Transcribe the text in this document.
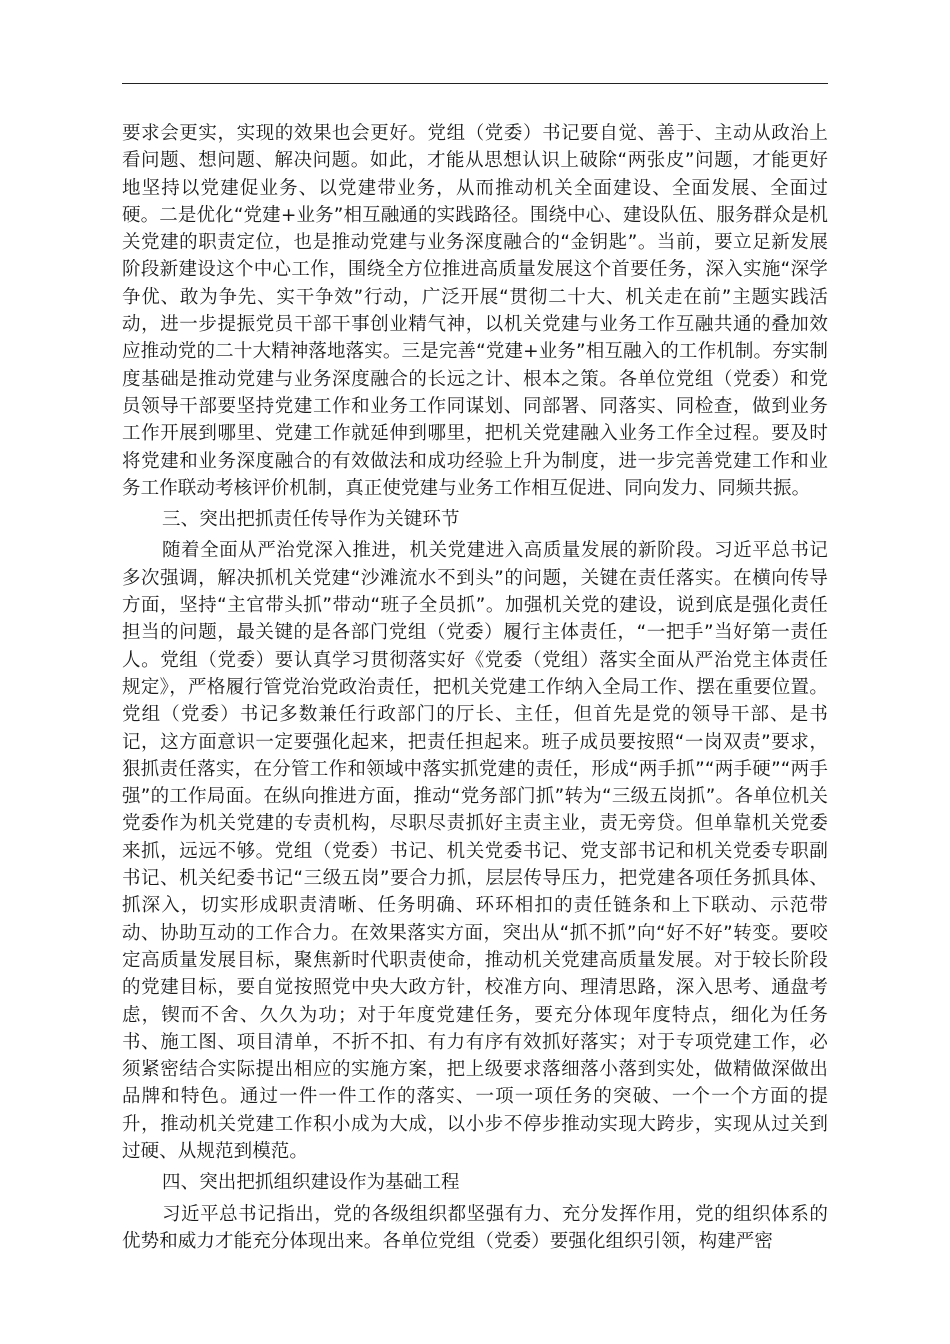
要求会更实，实现的效果也会更好。党组（党委）书记要自觉、善于、主动从政治上看问题、想问题、解决问题。如此，才能从思想认识上破除“两张皮”问题，才能更好地坚持以党建促业务、以党建带业务，从而推动机关全面建设、全面发展、全面过硬。二是优化“党建+业务”相互融通的实践路径。围绕中心、建设队伍、服务群众是机关党建的职责定位，也是推动党建与业务深度融合的“金钥匙”。当前，要立足新发展阶段新建设这个中心工作，围绕全方位推进高质量发展这个首要任务，深入实施“深学争优、敢为争先、实干争效”行动，广泛开展“贯彻二十大、机关走在前”主题实践活动，进一步提振党员干部干事创业精气神，以机关党建与业务工作互融共通的叠加效应推动党的二十大精神落地落实。三是完善“党建+业务”相互融入的工作机制。夯实制度基础是推动党建与业务深度融合的长远之计、根本之策。各单位党组（党委）和党员领导干部要坚持党建工作和业务工作同谋划、同部署、同落实、同检查，做到业务工作开展到哪里、党建工作就延伸到哪里，把机关党建融入业务工作全过程。要及时将党建和业务深度融合的有效做法和成功经验上升为制度，进一步完善党建工作和业务工作联动考核评价机制，真正使党建与业务工作相互促进、同向发力、同频共振。

三、突出把抓责任传导作为关键环节

随着全面从严治党深入推进，机关党建进入高质量发展的新阶段。习近平总书记多次强调，解决抓机关党建“沙滩流水不到头”的问题，关键在责任落实。在横向传导方面，坚持“主官带头抓”带动“班子全员抓”。加强机关党的建设，说到底是强化责任担当的问题，最关键的是各部门党组（党委）履行主体责任，“一把手”当好第一责任人。党组（党委）要认真学习贯彻落实好《党委（党组）落实全面从严治党主体责任规定》，严格履行管党治党政治责任，把机关党建工作纳入全局工作、摆在重要位置。党组（党委）书记多数兼任行政部门的厅长、主任，但首先是党的领导干部、是书记，这方面意识一定要强化起来，把责任担起来。班子成员要按照“一岗双责”要求，狠抓责任落实，在分管工作和领域中落实抓党建的责任，形成“两手抓”“两手硬”“两手强”的工作局面。在纵向推进方面，推动“党务部门抓”转为“三级五岗抓”。各单位机关党委作为机关党建的专责机构，尽职尽责抓好主责主业，责无旁贷。但单靠机关党委来抓，远远不够。党组（党委）书记、机关党委书记、党支部书记和机关党委专职副书记、机关纪委书记“三级五岗”要合力抓，层层传导压力，把党建各项任务抓具体、抓深入，切实形成职责清晰、任务明确、环环相扣的责任链条和上下联动、示范带动、协助互动的工作合力。在效果落实方面，突出从“抓不抓”向“好不好”转变。要咬定高质量发展目标，聚焦新时代职责使命，推动机关党建高质量发展。对于较长阶段的党建目标，要自觉按照党中央大政方针，校准方向、理清思路，深入思考、通盘考虑，锲而不舍、久久为功；对于年度党建任务，要充分体现年度特点，细化为任务书、施工图、项目清单，不折不扣、有力有序有效抓好落实；对于专项党建工作，必须紧密结合实际提出相应的实施方案，把上级要求落细落小落到实处，做精做深做出品牌和特色。通过一件一件工作的落实、一项一项任务的突破、一个一个方面的提升，推动机关党建工作积小成为大成，以小步不停步推动实现大跨步，实现从过关到过硬、从规范到模范。

四、突出把抓组织建设作为基础工程

习近平总书记指出，党的各级组织都坚强有力、充分发挥作用，党的组织体系的优势和威力才能充分体现出来。各单位党组（党委）要强化组织引领，构建严密
